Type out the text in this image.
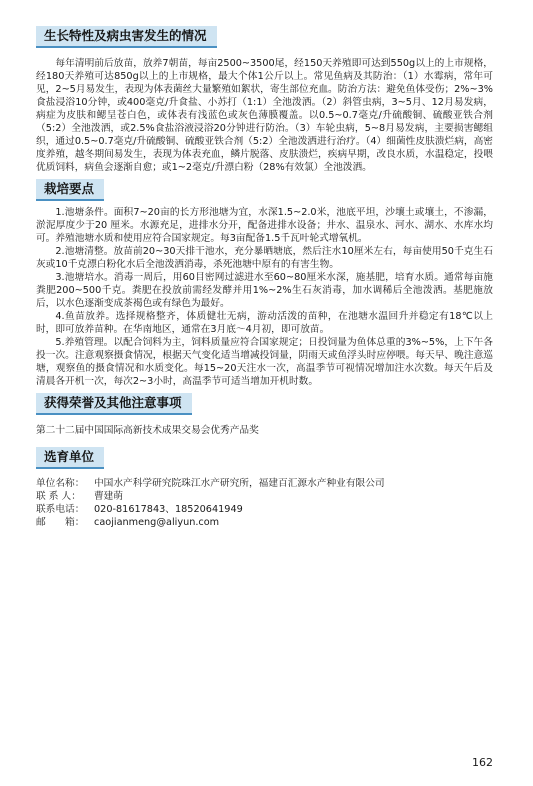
生长特性及病虫害发生的情况

每年清明前后放苗，放养7朝苗，每亩2500~3500尾，经150天养殖即可达到550g以上的上市规格，经180天养殖可达850g以上的上市规格，最大个体1公斤以上。常见鱼病及其防治：（1）水霉病，常年可见，2~5月易发生，表现为体表菌丝大量繁殖如絮状，寄生部位充血。防治方法：避免鱼体受伤；2%~3%食盐浸浴10分钟，或400毫克/升食盐、小苏打（1:1）全池泼洒。（2）斜管虫病，3~5月、12月易发病，病症为皮肤和鳃呈苍白色，或体表有浅蓝色或灰色薄膜覆盖。以0.5~0.7毫克/升硫酸铜、硫酸亚铁合剂（5:2）全池泼洒，或2.5%食盐浴液浸浴20分钟进行防治。（3）车轮虫病，5~8月易发病，主要损害鳃组织，通过0.5~0.7毫克/升硫酸铜、硫酸亚铁合剂（5:2）全池泼洒进行治疗。（4）细菌性皮肤溃烂病，高密度养殖，越冬期间易发生，表现为体表充血，鳞片脱落、皮肤溃烂，疾病早期，改良水质，水温稳定，投喂优质饲料，病鱼会逐渐自愈；或1~2毫克/升漂白粉（28%有效氯）全池泼洒。

栽培要点

1.池塘条件。面积7~20亩的长方形池塘为宜，水深1.5~2.0米，池底平坦，沙壤土或壤土，不渗漏，淤泥厚度少于20 厘米。水源充足，进排水分开，配备进排水设备；井水、温泉水、河水、湖水、水库水均可。养殖池塘水质和使用应符合国家规定。每3亩配备1.5千瓦叶轮式增氧机。

2.池塘清整。放苗前20~30天排干池水，充分暴晒塘底，然后注水10厘米左右，每亩使用50千克生石灰或10千克漂白粉化水后全池泼洒消毒，杀死池塘中原有的有害生物。

3.池塘培水。消毒一周后，用60目密网过滤进水至60~80厘米水深，施基肥，培育水质。通常每亩施粪肥200~500千克。粪肥在投放前需经发酵并用1%~2%生石灰消毒，加水调稀后全池泼洒。基肥施放后，以水色逐渐变成茶褐色或有绿色为最好。

4.鱼苗放养。选择规格整齐，体质健壮无病，游动活泼的苗种，在池塘水温回升并稳定有18℃以上时，即可放养苗种。在华南地区，通常在3月底～4月初，即可放苗。

5.养殖管理。以配合饲料为主，饲料质量应符合国家规定；日投饲量为鱼体总重的3%~5%，上下午各投一次。注意观察摄食情况，根据天气变化适当增减投饲量，阴雨天或鱼浮头时应停喂。每天早、晚注意巡塘，观察鱼的摄食情况和水质变化。每15~20天注水一次，高温季节可视情况增加注水次数。每天午后及清晨各开机一次，每次2~3小时，高温季节可适当增加开机时数。

获得荣誉及其他注意事项

第二十二届中国国际高新技术成果交易会优秀产品奖

选育单位
单位名称： 中国水产科学研究院珠江水产研究所，福建百汇源水产种业有限公司
联 系 人：	曹建萌
联系电话： 020-81617843、18520641949
邮　　箱： caojianmeng@aliyun.com
162
